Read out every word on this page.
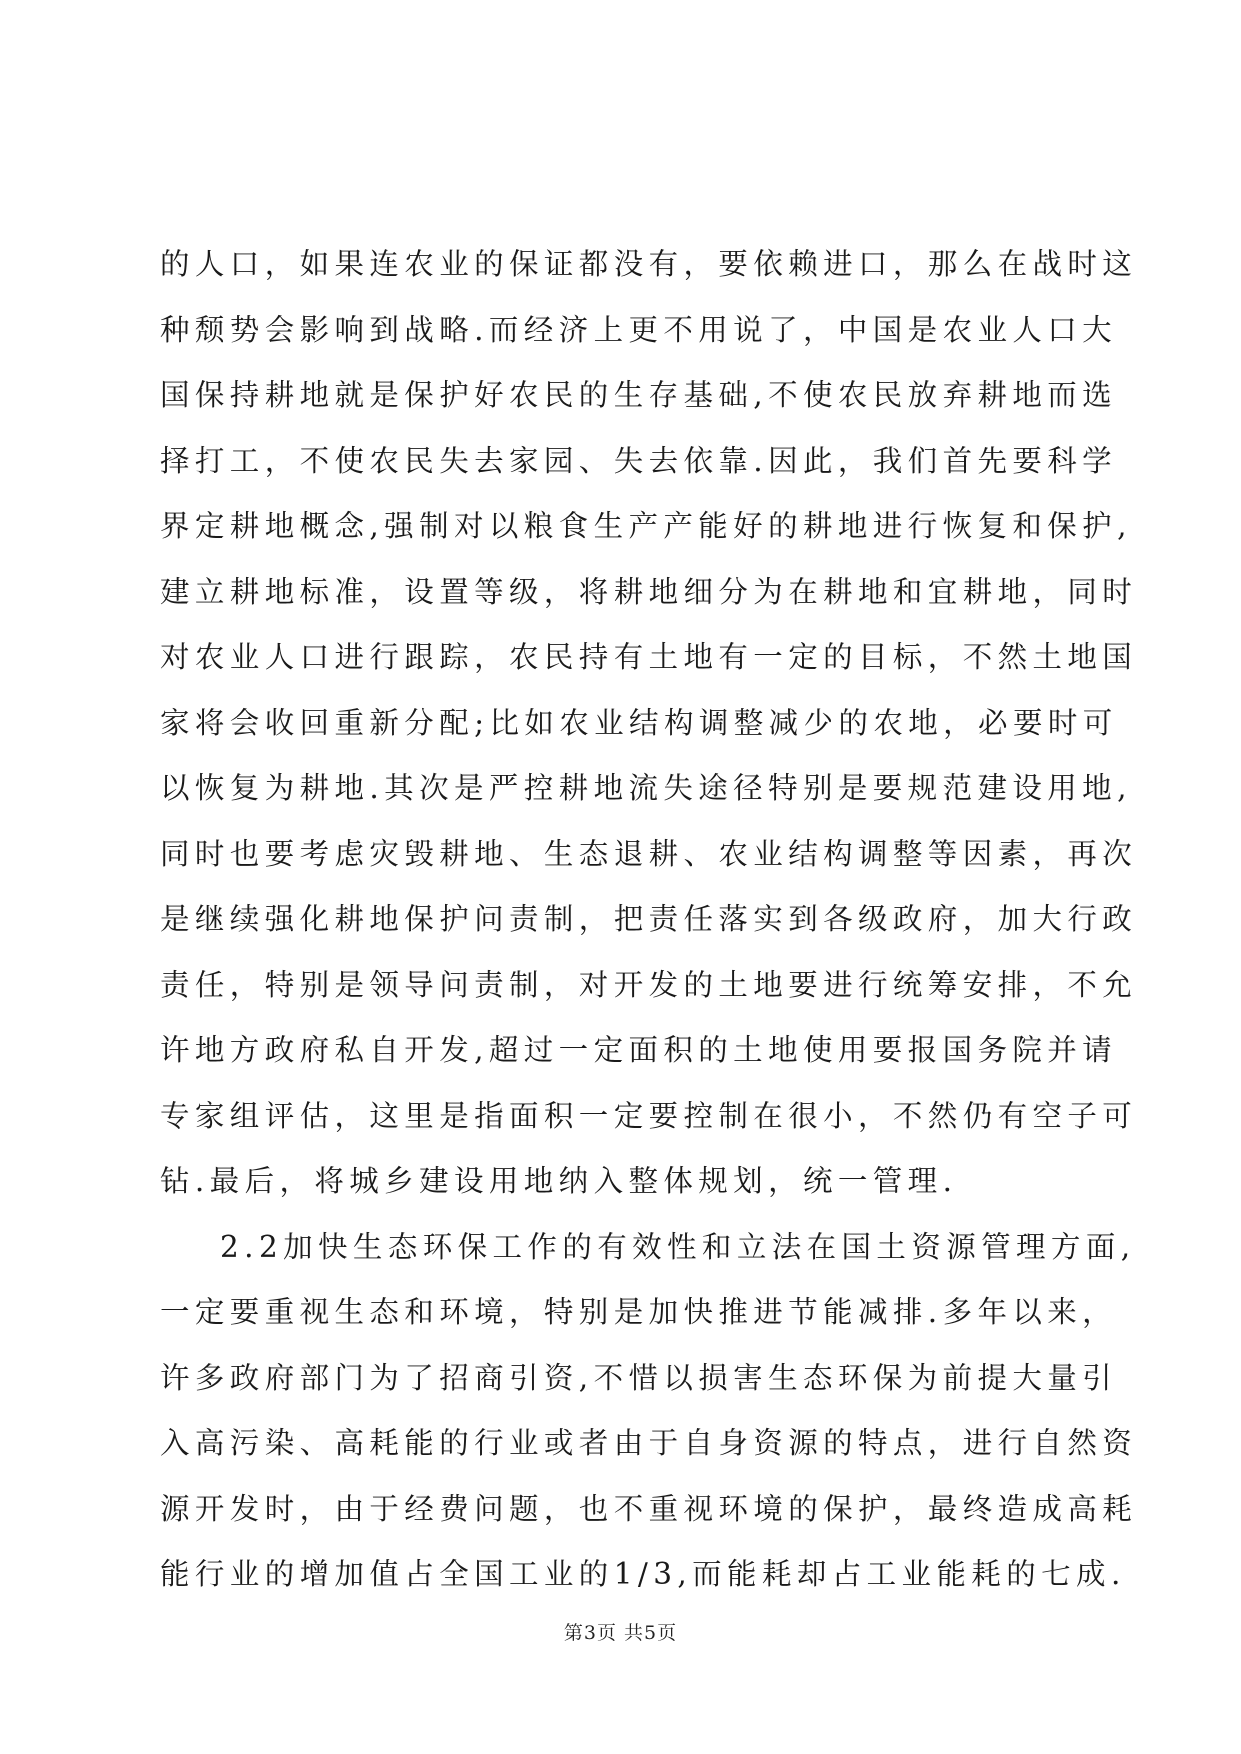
的人口，如果连农业的保证都没有，要依赖进口，那么在战时这
种颓势会影响到战略.而经济上更不用说了，中国是农业人口大
国保持耕地就是保护好农民的生存基础,不使农民放弃耕地而选
择打工，不使农民失去家园、失去依靠.因此，我们首先要科学
界定耕地概念,强制对以粮食生产产能好的耕地进行恢复和保护,
建立耕地标准，设置等级，将耕地细分为在耕地和宜耕地，同时
对农业人口进行跟踪，农民持有土地有一定的目标，不然土地国
家将会收回重新分配;比如农业结构调整减少的农地，必要时可
以恢复为耕地.其次是严控耕地流失途径特别是要规范建设用地,
同时也要考虑灾毁耕地、生态退耕、农业结构调整等因素，再次
是继续强化耕地保护问责制，把责任落实到各级政府，加大行政
责任，特别是领导问责制，对开发的土地要进行统筹安排，不允
许地方政府私自开发,超过一定面积的土地使用要报国务院并请
专家组评估，这里是指面积一定要控制在很小，不然仍有空子可
钻.最后，将城乡建设用地纳入整体规划，统一管理.
2.2加快生态环保工作的有效性和立法在国土资源管理方面,
一定要重视生态和环境，特别是加快推进节能减排.多年以来，
许多政府部门为了招商引资,不惜以损害生态环保为前提大量引
入高污染、高耗能的行业或者由于自身资源的特点，进行自然资
源开发时，由于经费问题，也不重视环境的保护，最终造成高耗
能行业的增加值占全国工业的1/3,而能耗却占工业能耗的七成.
第3页 共5页
